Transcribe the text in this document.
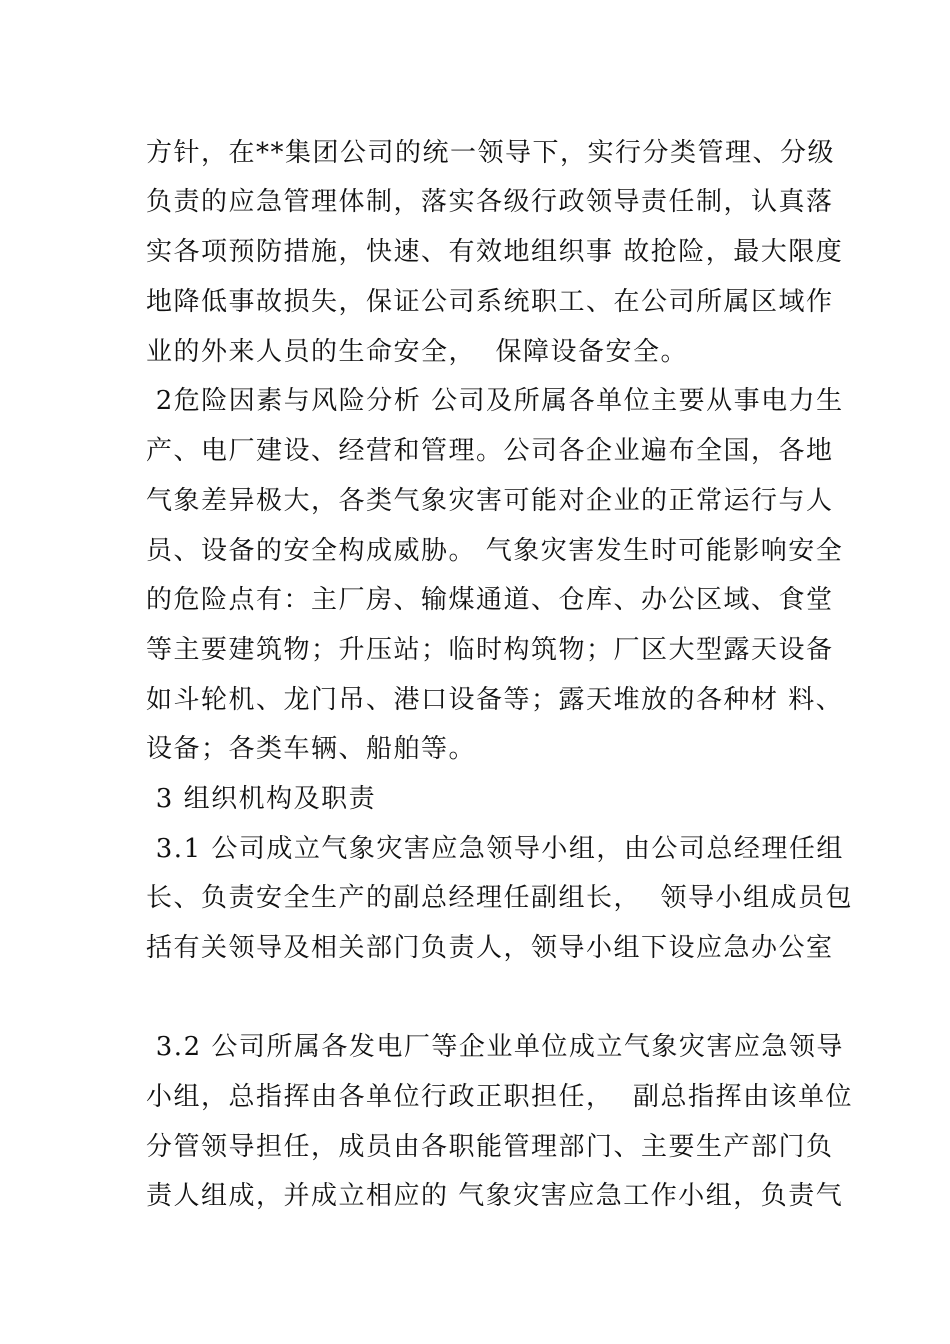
方针，在**集团公司的统一领导下，实行分类管理、分级
负责的应急管理体制，落实各级行政领导责任制，认真落
实各项预防措施，快速、有效地组织事 故抢险，最大限度
地降低事故损失，保证公司系统职工、在公司所属区域作
业的外来人员的生命安全，  保障设备安全。
2危险因素与风险分析 公司及所属各单位主要从事电力生
产、电厂建设、经营和管理。公司各企业遍布全国，各地
气象差异极大，各类气象灾害可能对企业的正常运行与人
员、设备的安全构成威胁。 气象灾害发生时可能影响安全
的危险点有：主厂房、输煤通道、仓库、办公区域、食堂
等主要建筑物；升压站；临时构筑物；厂区大型露天设备
如斗轮机、龙门吊、港口设备等；露天堆放的各种材 料、
设备；各类车辆、船舶等。
3 组织机构及职责
3.1 公司成立气象灾害应急领导小组，由公司总经理任组
长、负责安全生产的副总经理任副组长，  领导小组成员包
括有关领导及相关部门负责人，领导小组下设应急办公室
3.2 公司所属各发电厂等企业单位成立气象灾害应急领导
小组，总指挥由各单位行政正职担任，  副总指挥由该单位
分管领导担任，成员由各职能管理部门、主要生产部门负
责人组成，并成立相应的 气象灾害应急工作小组，负责气
